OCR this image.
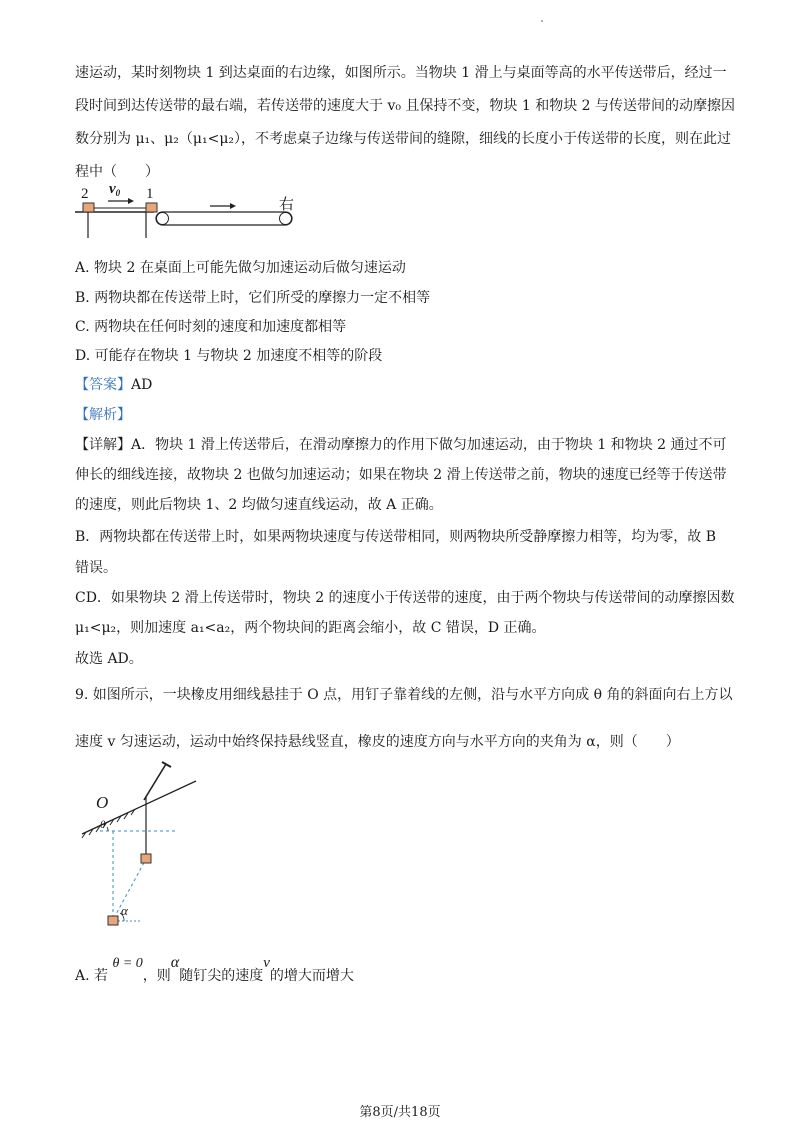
速运动，某时刻物块 1 到达桌面的右边缘，如图所示。当物块 1 滑上与桌面等高的水平传送带后，经过一
段时间到达传送带的最右端，若传送带的速度大于 v₀ 且保持不变，物块 1 和物块 2 与传送带间的动摩擦因
数分别为 μ₁、μ₂（μ₁<μ₂），不考虑桌子边缘与传送带间的缝隙，细线的长度小于传送带的长度，则在此过
程中（　　）
2	1
$v_0$
右
A. 物块 2 在桌面上可能先做匀加速运动后做匀速运动
B. 两物块都在传送带上时，它们所受的摩擦力一定不相等
C. 两物块在任何时刻的速度和加速度都相等
D. 可能存在物块 1 与物块 2 加速度不相等的阶段
【答案】AD
【解析】
【详解】A．物块 1 滑上传送带后，在滑动摩擦力的作用下做匀加速运动，由于物块 1 和物块 2 通过不可
伸长的细线连接，故物块 2 也做匀加速运动；如果在物块 2 滑上传送带之前，物块的速度已经等于传送带
的速度，则此后物块 1、2 均做匀速直线运动，故 A 正确。
B．两物块都在传送带上时，如果两物块速度与传送带相同，则两物块所受静摩擦力相等，均为零，故 B
错误。
CD．如果物块 2 滑上传送带时，物块 2 的速度小于传送带的速度，由于两个物块与传送带间的动摩擦因数
μ₁<μ₂，则加速度 a₁<a₂，两个物块间的距离会缩小，故 C 错误，D 正确。
故选 AD。
9. 如图所示，一块橡皮用细线悬挂于 O 点，用钉子靠着线的左侧，沿与水平方向成 θ 角的斜面向右上方以
速度 v 匀速运动，运动中始终保持悬线竖直，橡皮的速度方向与水平方向的夹角为 α，则（　　）
O
θ
α
A. 若 θ = 0，则α随钉尖的速度v的增大而增大
第8页/共18页
